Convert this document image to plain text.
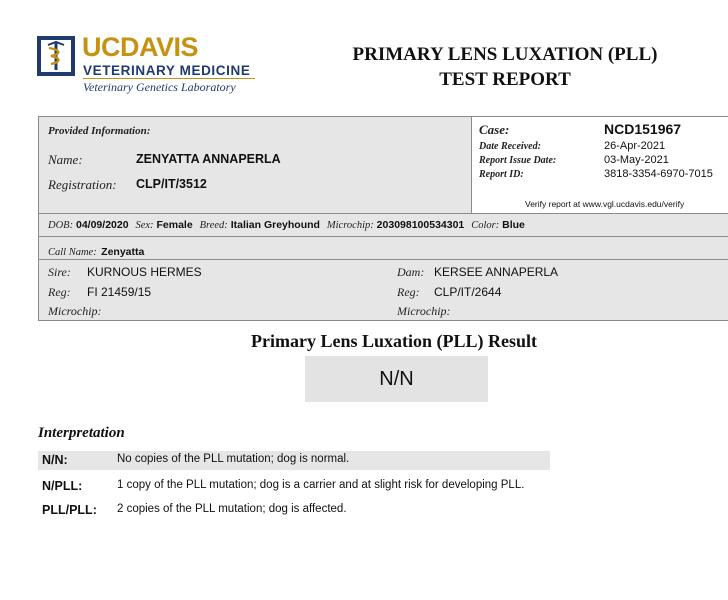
UCDAVIS
VETERINARY MEDICINE
Veterinary Genetics Laboratory
PRIMARY LENS LUXATION (PLL)
TEST REPORT
Provided Information:
Name:	ZENYATTA ANNAPERLA
Registration: CLP/IT/3512
Case:	NCD151967
Date Received:	26-Apr-2021
Report Issue Date:	03-May-2021
Report ID:	3818-3354-6970-7015
Verify report at www.vgl.ucdavis.edu/verify
DOB: 04/09/2020 Sex: Female Breed: Italian Greyhound Microchip: 203098100534301 Color: Blue
Call Name: Zenyatta
Sire: KURNOUS HERMES
Reg: FI 21459/15
Microchip:
Dam: KERSEE ANNAPERLA
Reg: CLP/IT/2644
Microchip:
Primary Lens Luxation (PLL) Result
N/N
Interpretation
N/N:	No copies of the PLL mutation; dog is normal.
N/PLL:	1 copy of the PLL mutation; dog is a carrier and at slight risk for developing PLL.
PLL/PLL: 2 copies of the PLL mutation; dog is affected.
